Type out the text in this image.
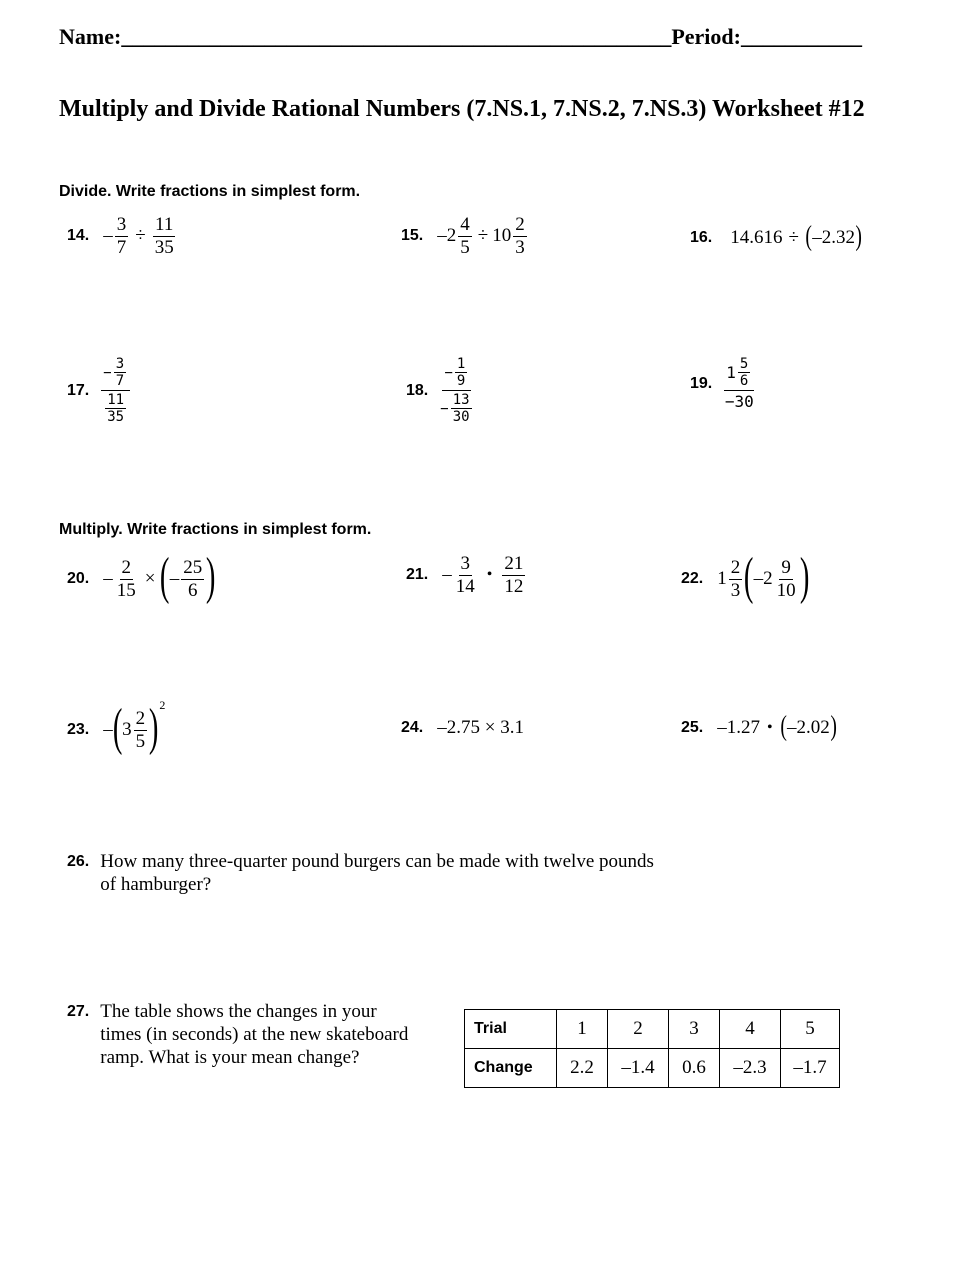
Name:__________________________________________________Period:___________
Multiply and Divide Rational Numbers (7.NS.1, 7.NS.2, 7.NS.3) Worksheet #12
Divide. Write fractions in simplest form.
14. – $\frac{3}{7} \div \frac{11}{35}$	15. $-2 \frac{4}{5} \div 10 \frac{2}{3}$	16. 14.616 ÷ ( –2.32 )
17. $\frac{- \frac{3}{7}}{\frac{11}{35}}$	18. $\frac{- \frac{1}{9}}{- \frac{13}{30}}$	19. $\frac{1 \frac{5}{6}}{-30}$
Multiply. Write fractions in simplest form.
20. – $\frac{2}{15}$ × ( – $\frac{25}{6}$ )	21. – $\frac{3}{14}$ • $\frac{21}{12}$	22. $1 \frac{2}{3}$ ( $-2 \frac{9}{10}$ )
23. – ( $3 \frac{2}{5}$ ) 2
24. –2.75 × 3.1	25. –1.27 • ( –2.02 )
26. How many three-quarter pound burgers can be made with twelve pounds
of hamburger?
27. The table shows the changes in your
times (in seconds) at the new skateboard
ramp. What is your mean change?
Trial	1	2	3	4	5
Change	2.2	–1.4	0.6	–2.3	–1.7
